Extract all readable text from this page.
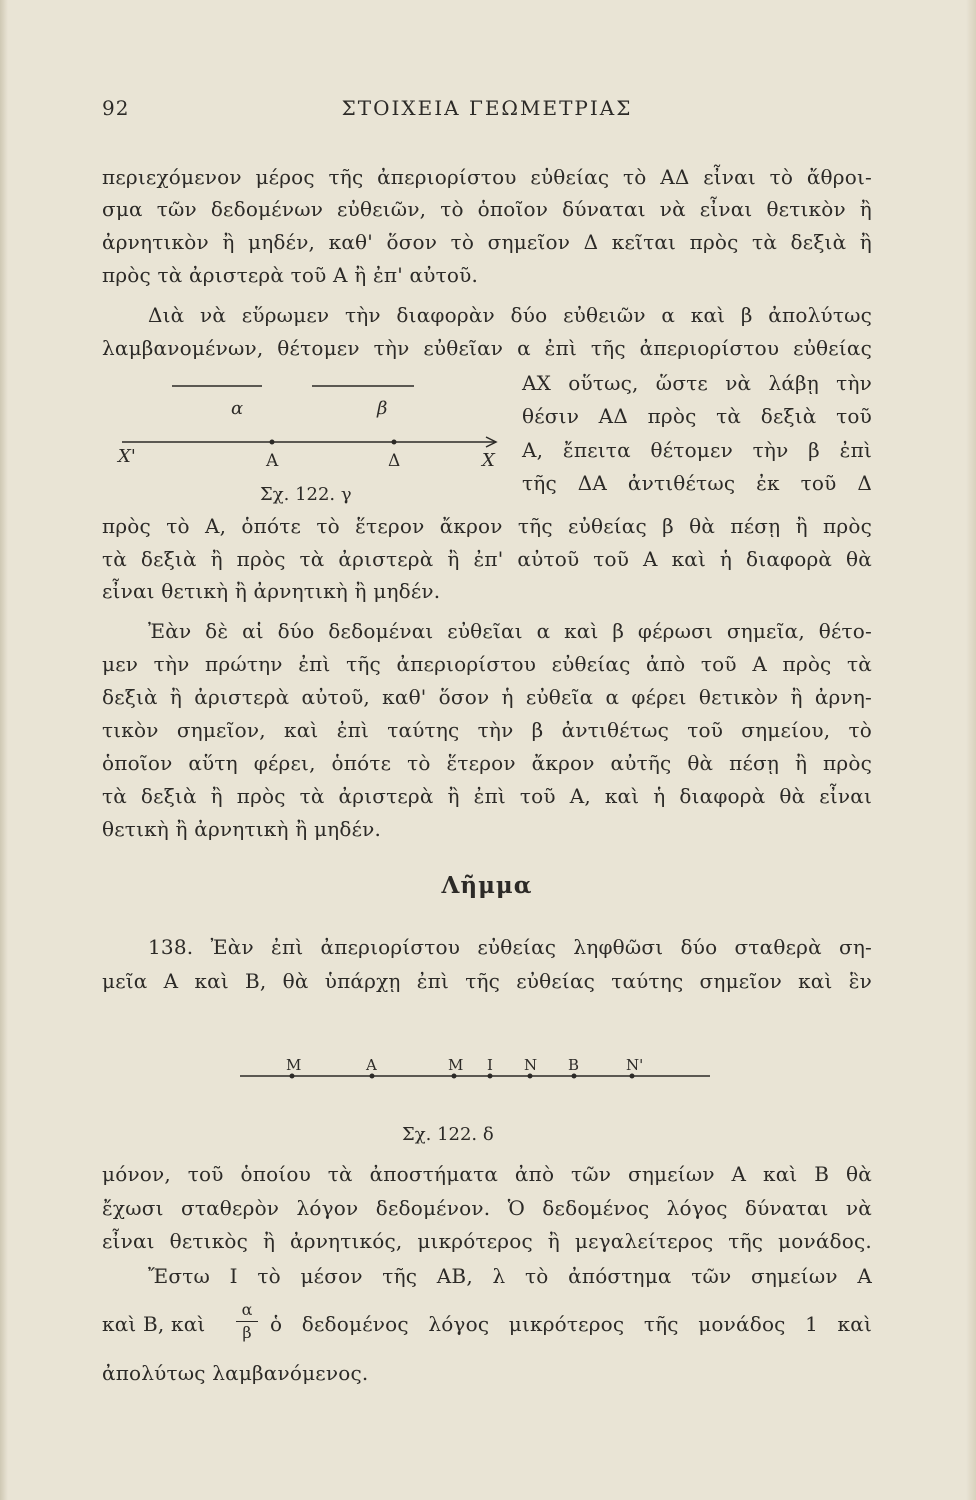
92	ΣΤΟΙΧΕΙΑ ΓΕΩΜΕΤΡΙΑΣ
περιεχόμενον μέρος τῆς ἀπεριορίστου εὐθείας τὸ ΑΔ εἶναι τὸ ἄθροι-
σμα τῶν δεδομένων εὐθειῶν, τὸ ὁποῖον δύναται νὰ εἶναι θετικὸν ἢ
ἀρνητικὸν ἢ μηδέν, καθ' ὅσον τὸ σημεῖον Δ κεῖται πρὸς τὰ δεξιὰ ἢ
πρὸς τὰ ἀριστερὰ τοῦ Α ἢ ἐπ' αὐτοῦ.
Διὰ νὰ εὕρωμεν τὴν διαφορὰν δύο εὐθειῶν α καὶ β ἀπολύτως
λαμβανομένων, θέτομεν τὴν εὐθεῖαν α ἐπὶ τῆς ἀπεριορίστου εὐθείας
ΑΧ οὕτως, ὥστε νὰ λάβῃ τὴν
θέσιν ΑΔ πρὸς τὰ δεξιὰ τοῦ
Α, ἔπειτα θέτομεν τὴν β ἐπὶ
τῆς ΔΑ ἀντιθέτως ἐκ τοῦ Δ
α	β
Χ'	Α	Δ	Χ
Σχ. 122. γ
πρὸς τὸ Α, ὁπότε τὸ ἕτερον ἄκρον τῆς εὐθείας β θὰ πέσῃ ἢ πρὸς
τὰ δεξιὰ ἢ πρὸς τὰ ἀριστερὰ ἢ ἐπ' αὐτοῦ τοῦ Α καὶ ἡ διαφορὰ θὰ
εἶναι θετικὴ ἢ ἀρνητικὴ ἢ μηδέν.
Ἐὰν δὲ αἱ δύο δεδομέναι εὐθεῖαι α καὶ β φέρωσι σημεῖα, θέτο-
μεν τὴν πρώτην ἐπὶ τῆς ἀπεριορίστου εὐθείας ἀπὸ τοῦ Α πρὸς τὰ
δεξιὰ ἢ ἀριστερὰ αὐτοῦ, καθ' ὅσον ἡ εὐθεῖα α φέρει θετικὸν ἢ ἀρνη-
τικὸν σημεῖον, καὶ ἐπὶ ταύτης τὴν β ἀντιθέτως τοῦ σημείου, τὸ
ὁποῖον αὕτη φέρει, ὁπότε τὸ ἕτερον ἄκρον αὐτῆς θὰ πέσῃ ἢ πρὸς
τὰ δεξιὰ ἢ πρὸς τὰ ἀριστερὰ ἢ ἐπὶ τοῦ Α, καὶ ἡ διαφορὰ θὰ εἶναι
θετικὴ ἢ ἀρνητικὴ ἢ μηδέν.
Λῆμμα
138. Ἐὰν ἐπὶ ἀπεριορίστου εὐθείας ληφθῶσι δύο σταθερὰ ση-
μεῖα Α καὶ Β, θὰ ὑπάρχῃ ἐπὶ τῆς εὐθείας ταύτης σημεῖον καὶ ἓν
Μ	Α	Μ Ι Ν Β	Ν'
Σχ. 122. δ
μόνον, τοῦ ὁποίου τὰ ἀποστήματα ἀπὸ τῶν σημείων Α καὶ Β θὰ
ἔχωσι σταθερὸν λόγον δεδομένον. Ὁ δεδομένος λόγος δύναται νὰ
εἶναι θετικὸς ἢ ἀρνητικός, μικρότερος ἢ μεγαλείτερος τῆς μονάδος.
Ἔστω Ι τὸ μέσον τῆς ΑΒ, λ τὸ ἀπόστημα τῶν σημείων Α
καὶ Β, καὶ
α
β ὁ δεδομένος λόγος μικρότερος τῆς μονάδος 1 καὶ
ἀπολύτως λαμβανόμενος.
